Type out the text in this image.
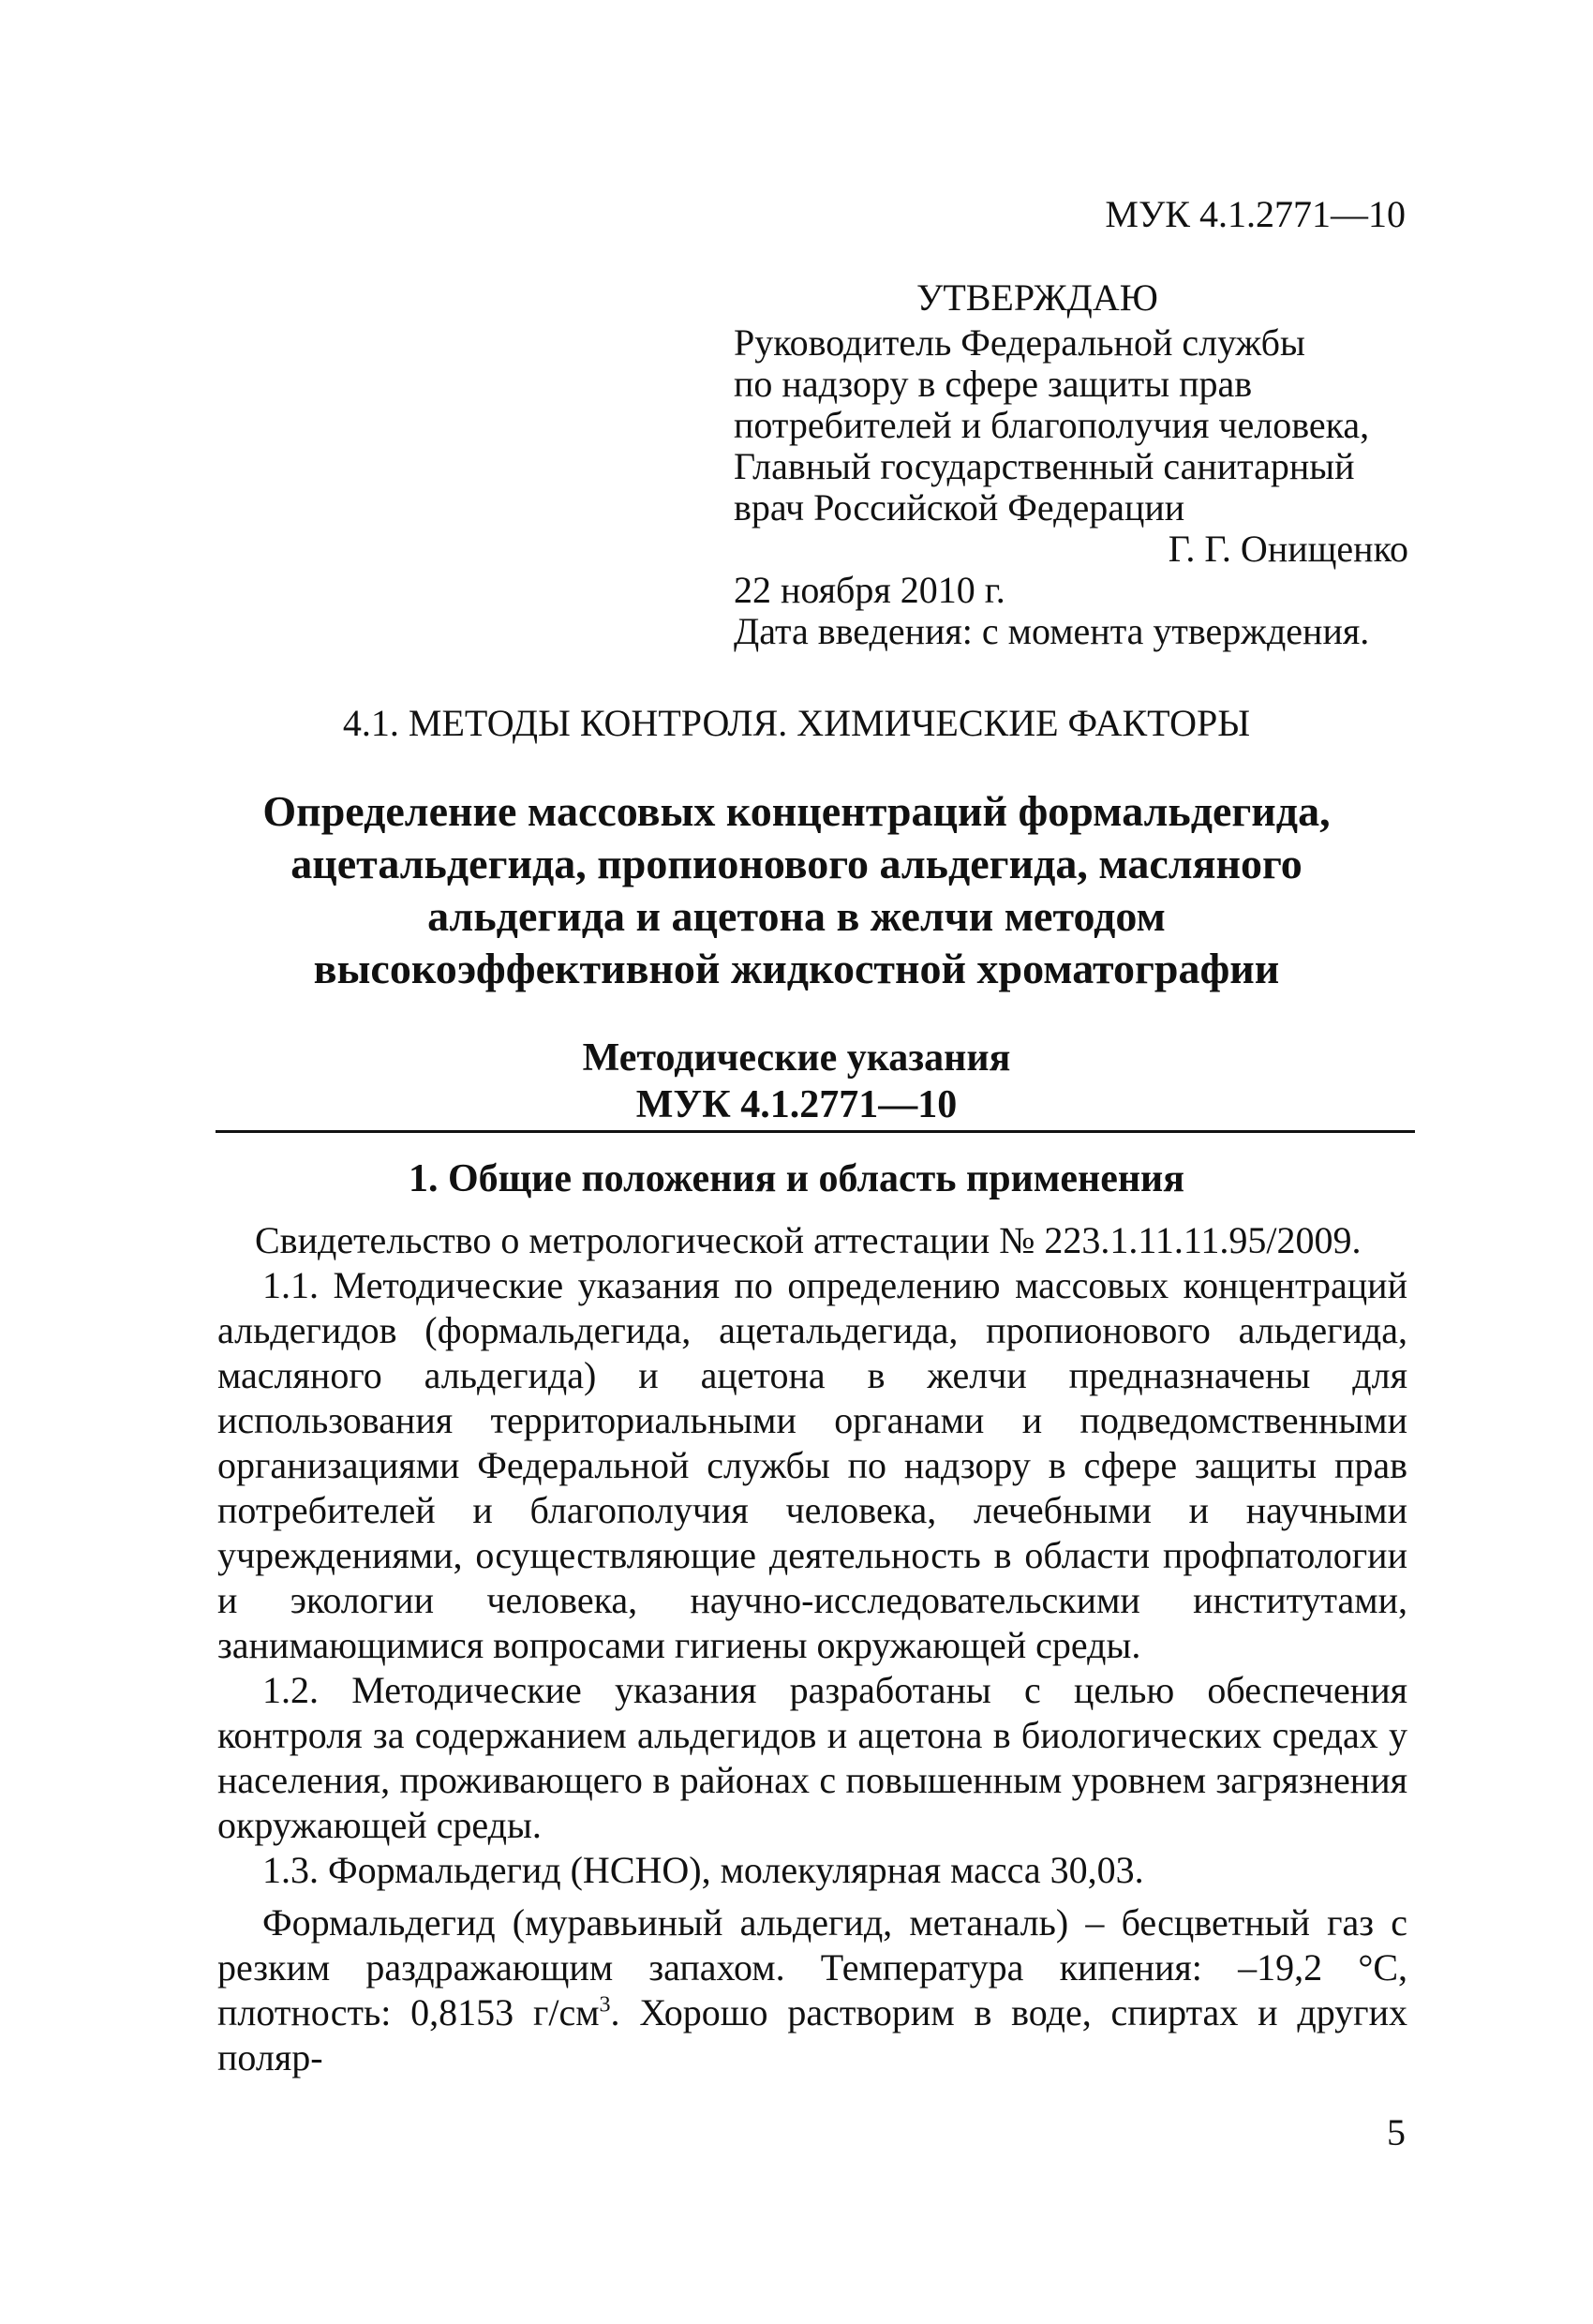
МУК 4.1.2771—10
УТВЕРЖДАЮ
Руководитель Федеральной службы
по надзору в сфере защиты прав
потребителей и благополучия человека,
Главный государственный санитарный
врач Российской Федерации
Г. Г. Онищенко
22 ноября 2010 г.
Дата введения: с момента утверждения.
4.1. МЕТОДЫ КОНТРОЛЯ. ХИМИЧЕСКИЕ ФАКТОРЫ
Определение массовых концентраций формальдегида,
ацетальдегида, пропионового альдегида, масляного
альдегида и ацетона в желчи методом
высокоэффективной жидкостной хроматографии
Методические указания
МУК 4.1.2771—10
1. Общие положения и область применения

Свидетельство о метрологической аттестации № 223.1.11.11.95/2009.

1.1. Методические указания по определению массовых концентраций альдегидов (формальдегида, ацетальдегида, пропионового альдегида, масляного альдегида) и ацетона в желчи предназначены для использования территориальными органами и подведомственными организациями Федеральной службы по надзору в сфере защиты прав потребителей и благополучия человека, лечебными и научными учреждениями, осуществляющие деятельность в области профпатологии и экологии человека, научно-исследовательскими институтами, занимающимися вопросами гигиены окружающей среды.

1.2. Методические указания разработаны с целью обеспечения контроля за содержанием альдегидов и ацетона в биологических средах у населения, проживающего в районах с повышенным уровнем загрязнения окружающей среды.

1.3. Формальдегид (НСНО), молекулярная масса 30,03.

Формальдегид (муравьиный альдегид, метаналь) – бесцветный газ с резким раздражающим запахом. Температура кипения: –19,2 °С, плотность: 0,8153 $г/см^3$. Хорошо растворим в воде, спиртах и других поляр-

5
